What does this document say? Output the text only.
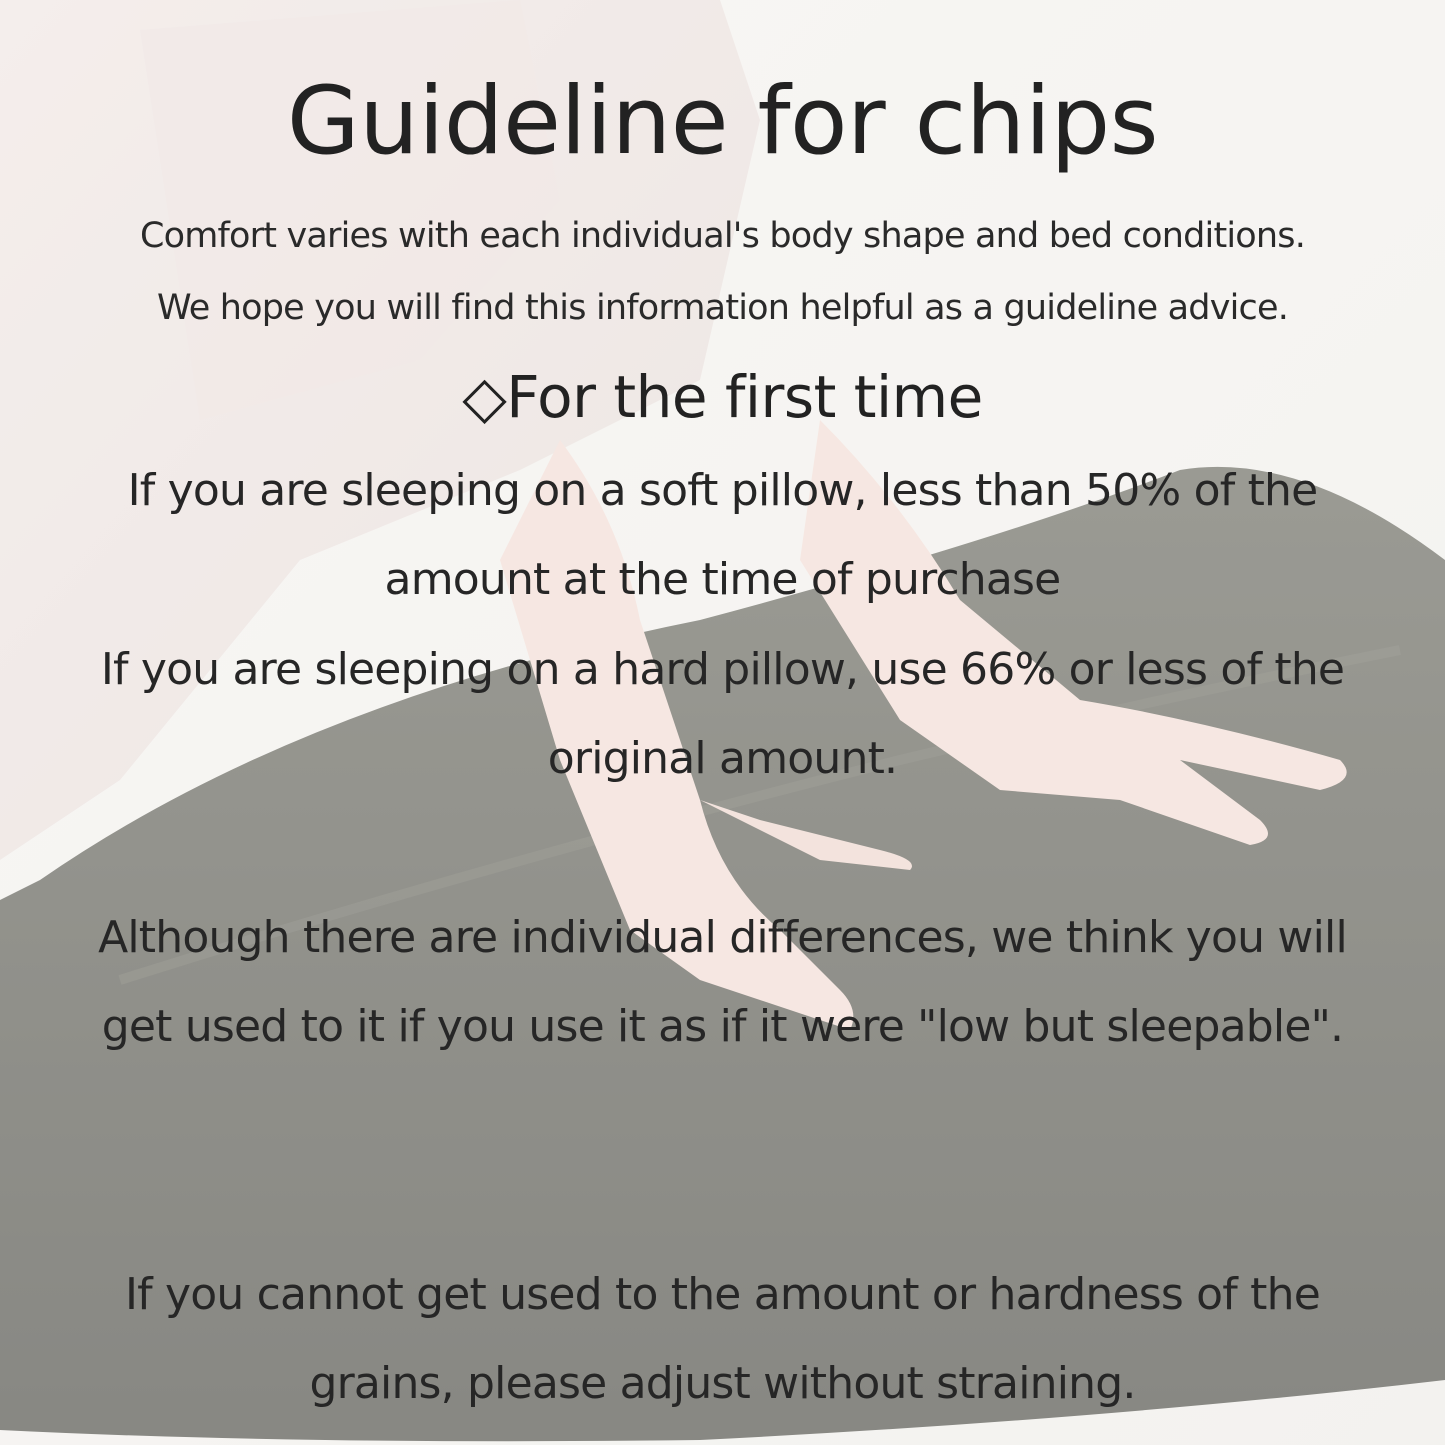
Guideline for chips

Comfort varies with each individual's body shape and bed conditions.
We hope you will find this information helpful as a guideline advice.

◇For the first time

If you are sleeping on a soft pillow, less than 50% of the amount at the time of purchase

If you are sleeping on a hard pillow, use 66% or less of the original amount.

Although there are individual differences, we think you will get used to it if you use it as if it were "low but sleepable".

If you cannot get used to the amount or hardness of the grains, please adjust without straining.
